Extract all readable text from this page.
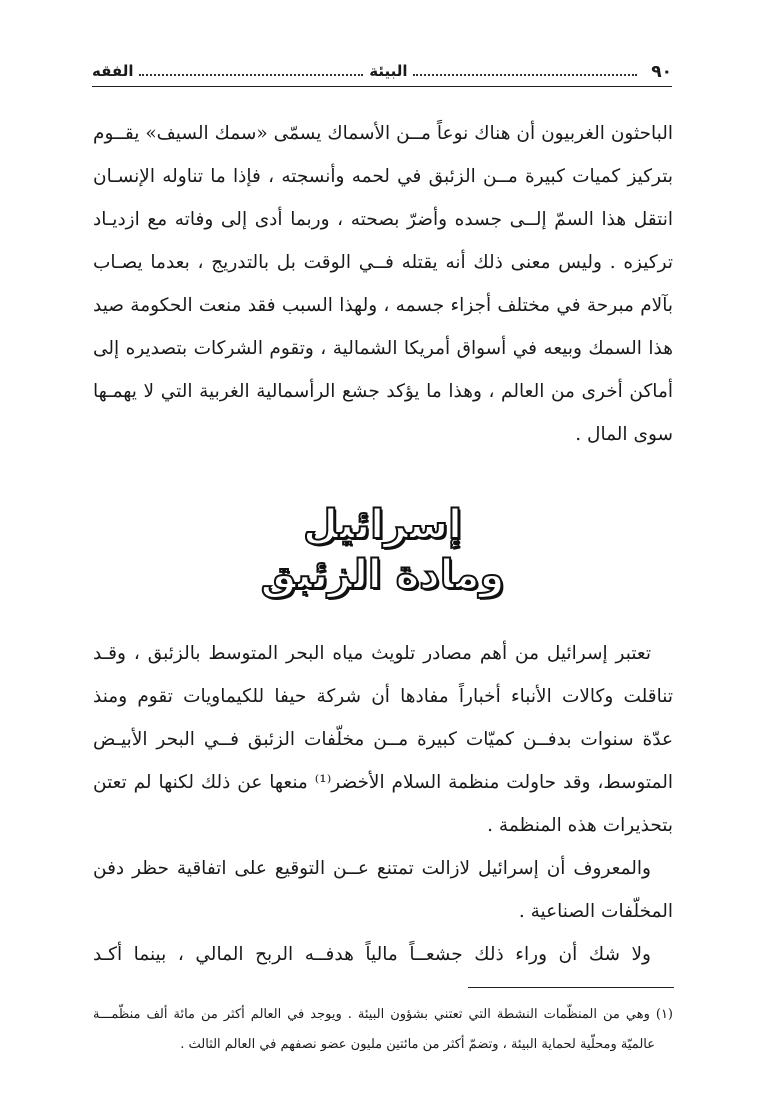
الفقه	البيئة	٩٠
الباحثون الغربيون أن هناك نوعاً مــن الأسماك يسمّى «سمك السيف» يقــوم
بتركيز كميات كبيرة مــن الزئبق في لحمه وأنسجته ، فإذا ما تناوله الإنسـان
انتقل هذا السمّ إلــى جسده وأضرّ بصحته ، وربما أدى إلى وفاته مع ازديـاد
تركيزه . وليس معنى ذلك أنه يقتله فــي الوقت بل بالتدريج ، بعدما يصـاب
بآلام مبرحة في مختلف أجزاء جسمه ، ولهذا السبب فقد منعت الحكومة صيد
هذا السمك وبيعه في أسواق أمريكا الشمالية ، وتقوم الشركات بتصديره إلى
أماكن أخرى من العالم ، وهذا ما يؤكد جشع الرأسمالية الغربية التي لا يهمـها
سوى المال .
إسرائيل
ومادة الزئبق
تعتبر إسرائيل من أهم مصادر تلويث مياه البحر المتوسط بالزئبق ، وقـد
تناقلت وكالات الأنباء أخباراً مفادها أن شركة حيفا للكيماويات تقوم ومنذ
عدّة سنوات بدفــن كميّات كبيرة مــن مخلّفات الزئبق فــي البحر الأبيـض
المتوسط، وقد حاولت منظمة السلام الأخضر⁽¹⁾ منعها عن ذلك لكنها لم تعتن
بتحذيرات هذه المنظمة .
والمعروف أن إسرائيل لازالت تمتنع عــن التوقيع على اتفاقية حظر دفن
المخلّفات الصناعية .
ولا شك أن وراء ذلك جشعــاً مالياً هدفــه الربح المالي ، بينما أكـد
(١) وهي من المنظّمات النشطة التي تعتني بشؤون البيئة . ويوجد في العالم أكثر من مائة ألف منظّمـــة
عالميّة ومحلّية لحماية البيئة ، وتضمّ أكثر من مائتين مليون عضو نصفهم في العالم الثالث .
